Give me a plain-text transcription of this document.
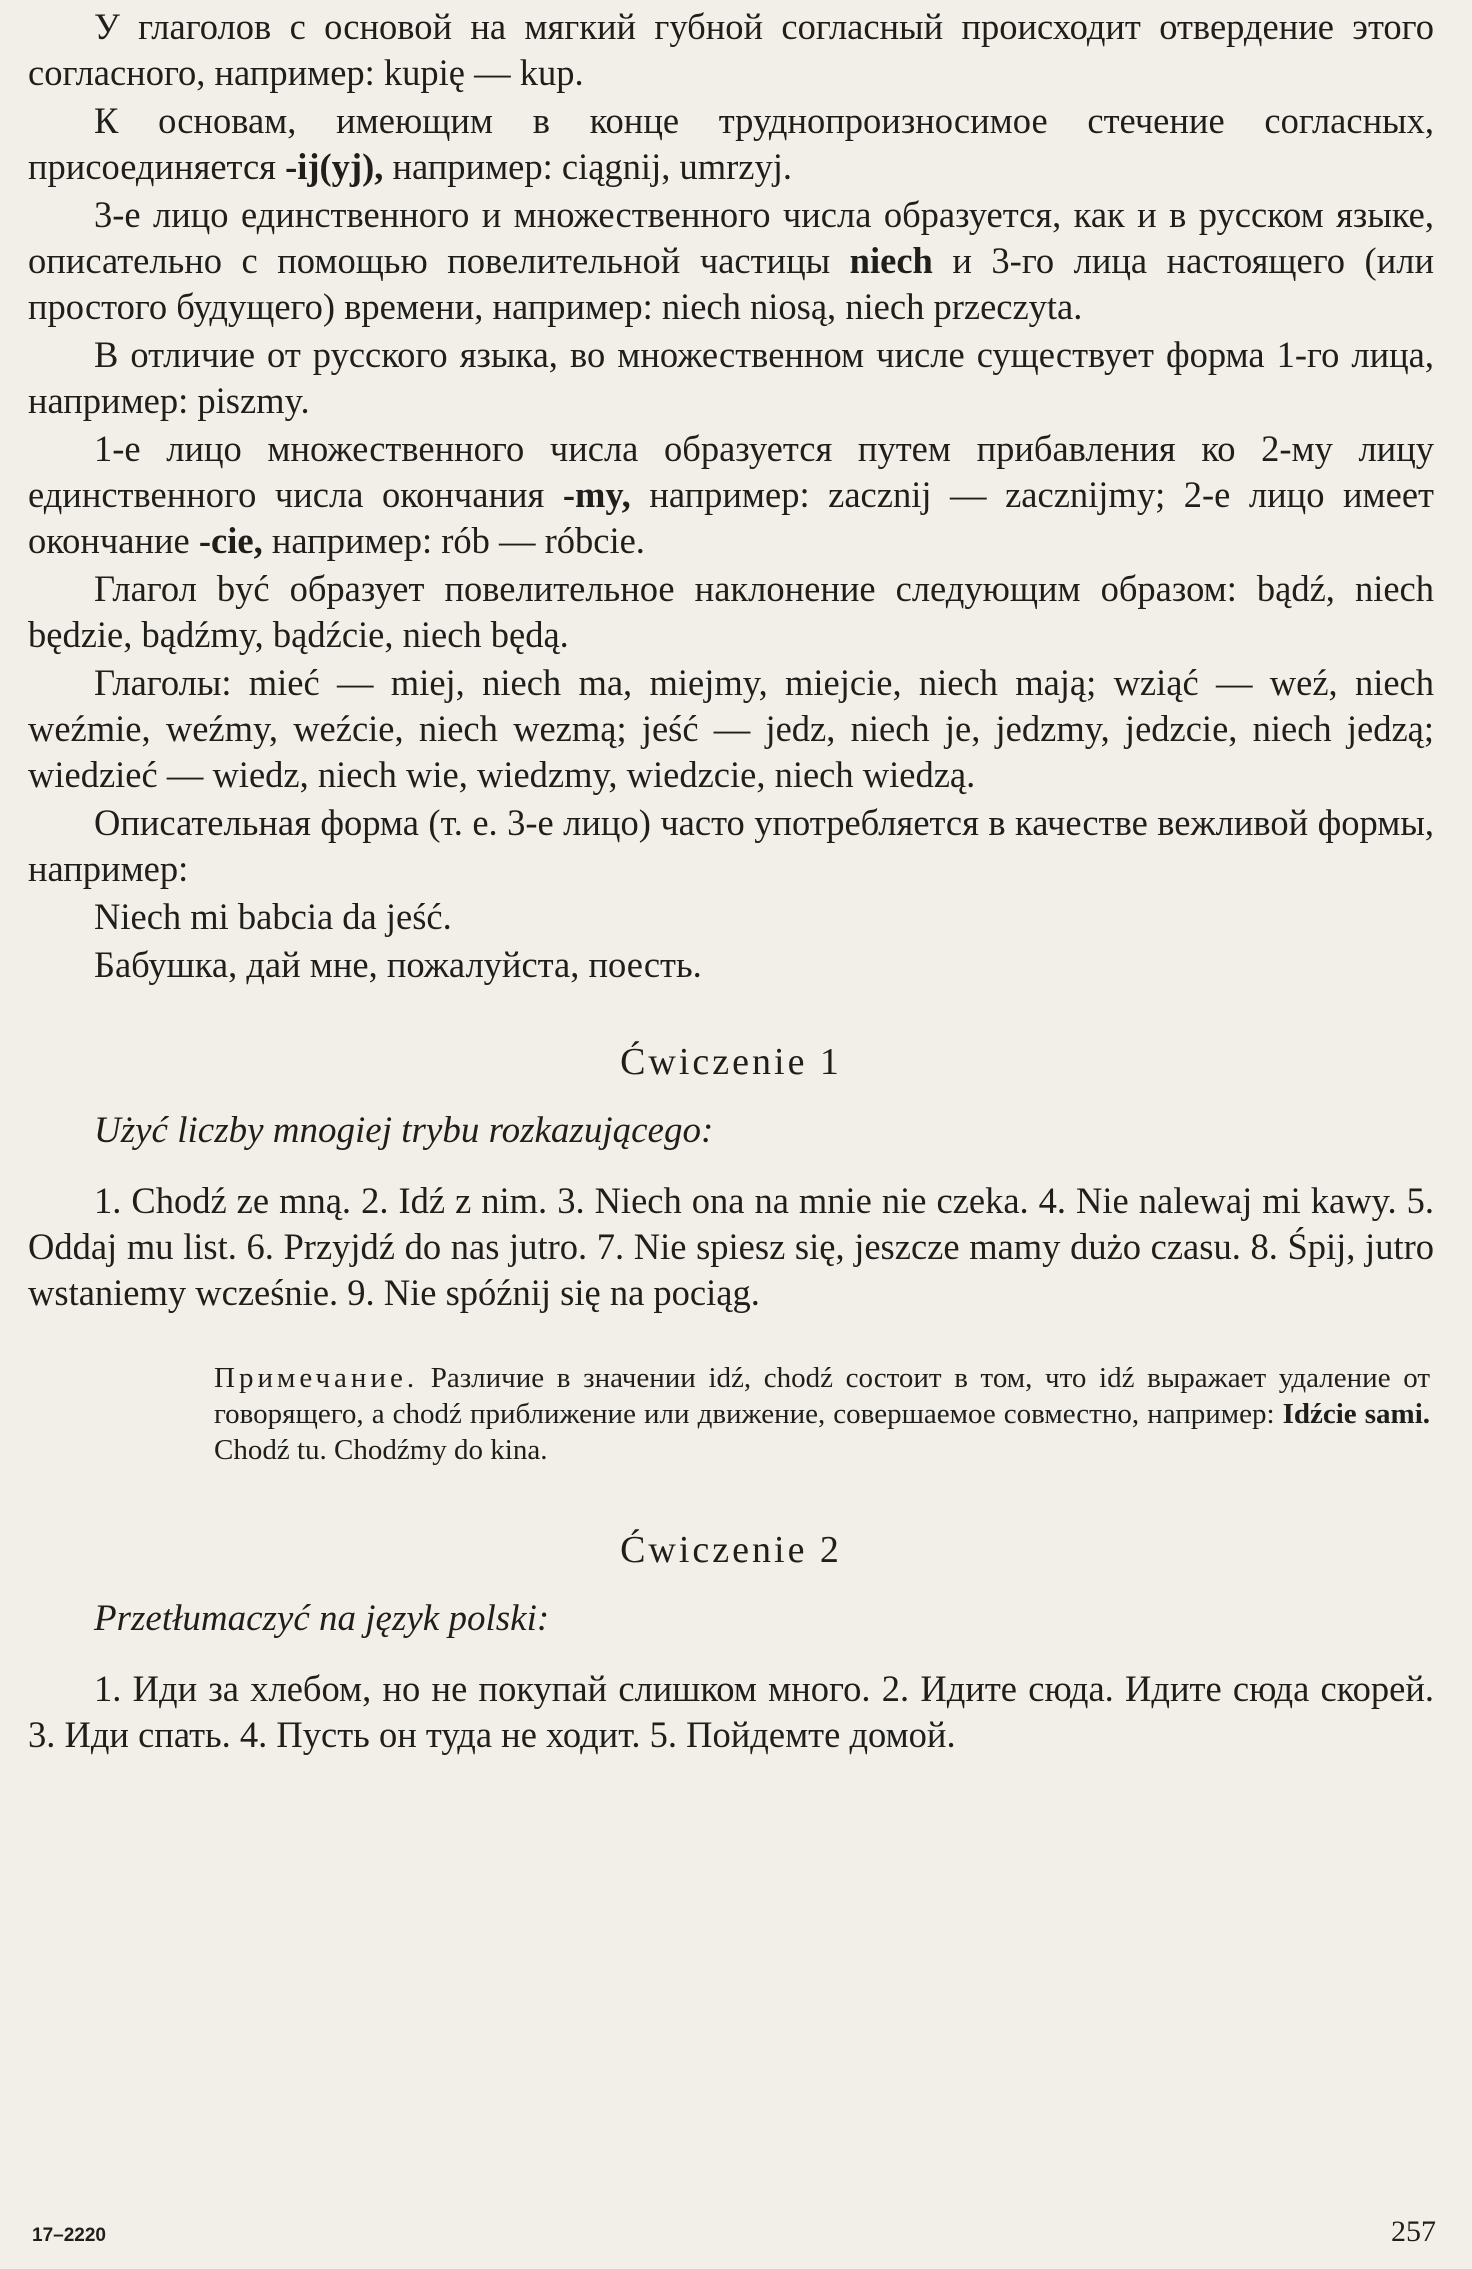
У глаголов с основой на мягкий губной согласный происходит отвердение этого согласного, например: kupię — kup.

К основам, имеющим в конце труднопроизносимое стечение согласных, присоединяется -ij(yj), например: ciągnij, umrzyj.

3-е лицо единственного и множественного числа образуется, как и в русском языке, описательно с помощью повелительной частицы niech и 3-го лица настоящего (или простого будущего) времени, например: niech niosą, niech przeczyta.

В отличие от русского языка, во множественном числе существует форма 1-го лица, например: piszmy.

1-е лицо множественного числа образуется путем прибавления ко 2-му лицу единственного числа окончания -my, например: zacznij — zacznijmy; 2-е лицо имеет окончание -cie, например: rób — róbcie.

Глагол być образует повелительное наклонение следующим образом: bądź, niech będzie, bądźmy, bądźcie, niech będą.

Глаголы: mieć — miej, niech ma, miejmy, miejcie, niech mają; wziąć — weź, niech weźmie, weźmy, weźcie, niech wezmą; jeść — jedz, niech je, jedzmy, jedzcie, niech jedzą; wiedzieć — wiedz, niech wie, wiedzmy, wiedzcie, niech wiedzą.

Описательная форма (т. е. 3-е лицо) часто употребляется в качестве вежливой формы, например:

Niech mi babcia da jeść.

Бабушка, дай мне, пожалуйста, поесть.

Ćwiczenie 1
Użyć liczby mnogiej trybu rozkazującego:

1. Chodź ze mną. 2. Idź z nim. 3. Niech ona na mnie nie czeka. 4. Nie nalewaj mi kawy. 5. Oddaj mu list. 6. Przyjdź do nas jutro. 7. Nie spiesz się, jeszcze mamy dużo czasu. 8. Śpij, jutro wstaniemy wcześnie. 9. Nie spóźnij się na pociąg.

Примечание. Различие в значении idź, chodź состоит в том, что idź выражает удаление от говорящего, а chodź приближение или движение, совершаемое совместно, например: Idźcie sami. Chodź tu. Chodźmy do kina.

Ćwiczenie 2
Przetłumaczyć na język polski:

1. Иди за хлебом, но не покупай слишком много. 2. Идите сюда. Идите сюда скорей. 3. Иди спать. 4. Пусть он туда не ходит. 5. Пойдемте домой.

17–2220	257
